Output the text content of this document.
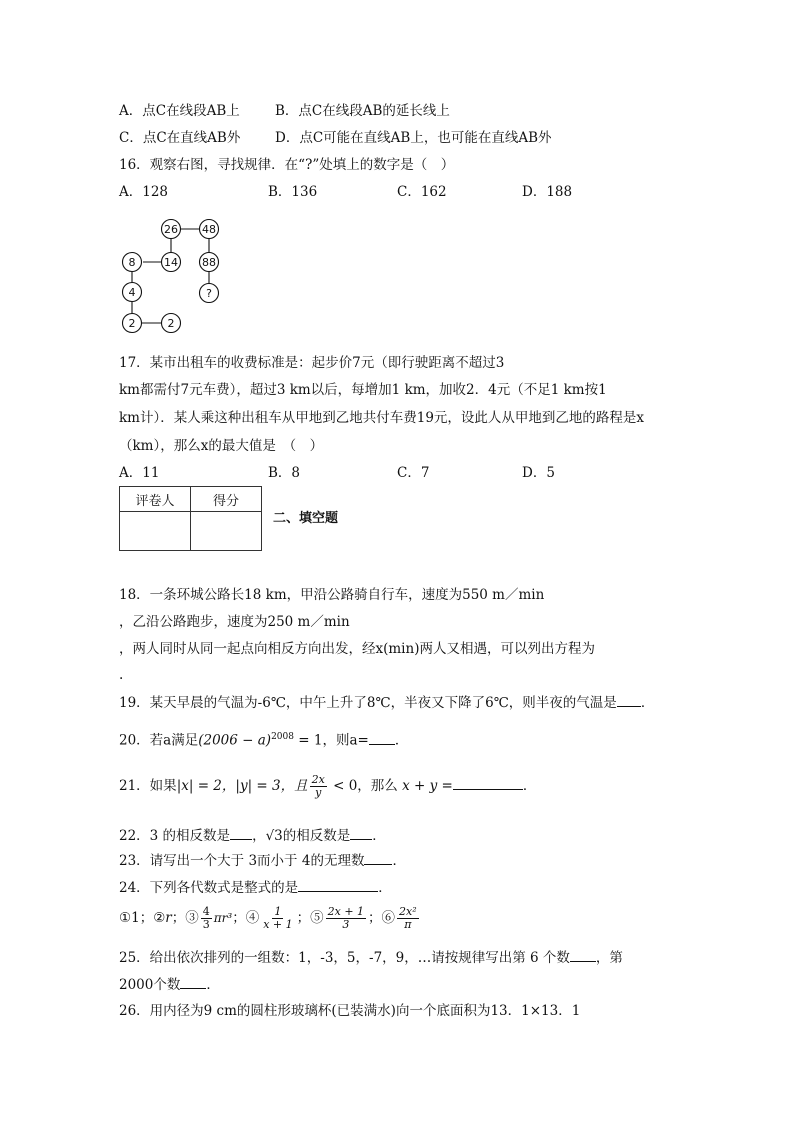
A．点C在线段AB上	B．点C在线段AB的延长线上
C．点C在直线AB外	D．点C可能在直线AB上，也可能在直线AB外
16．观察右图，寻找规律．在“?”处填上的数字是（　）
A．128	B．136	C．162	D．188
26 48
8	14 88
4	?
2	2
17．某市出租车的收费标准是：起步价7元（即行驶距离不超过3
km都需付7元车费），超过3 km以后，每增加1 km，加收2．4元（不足1 km按1
km计）．某人乘这种出租车从甲地到乙地共付车费19元，设此人从甲地到乙地的路程是x
（km），那么x的最大值是　（　）
A．11	B．8	C．7	D．5
评卷人	得分

二、填空题
18．一条环城公路长18 km，甲沿公路骑自行车，速度为550 m／min
，乙沿公路跑步，速度为250 m／min
，两人同时从同一起点向相反方向出发，经x(min)两人又相遇，可以列出方程为
.
19．某天早晨的气温为-6℃，中午上升了8℃，半夜又下降了6℃，则半夜的气温是 ．
20．若a满足$(2006 - a)^{2008} = 1$，则a= ．
21．如果|x| = 2，|y| = 3，且 $\frac{2x}{y} < 0$，那么 x + y =	．
22．3 的相反数是 ，√3的相反数是 ．
23．请写出一个大于 3而小于 4的无理数 ．
24．下列各代数式是整式的是	．
①1；②r；③ $\frac{4}{3} \pi r^3$；④ $\frac{1}{x + 1}$ ；⑤ $\frac{2x + 1}{3}$ ；⑥ $\frac{\text{2x²}}{\pi}$
25．给出依次排列的一组数：1，-3，5，-7，9，…请按规律写出第 6 个数 ，第
2000个数 ．
26．用内径为9 cm的圆柱形玻璃杯(已装满水)向一个底面积为13．1×13．1
